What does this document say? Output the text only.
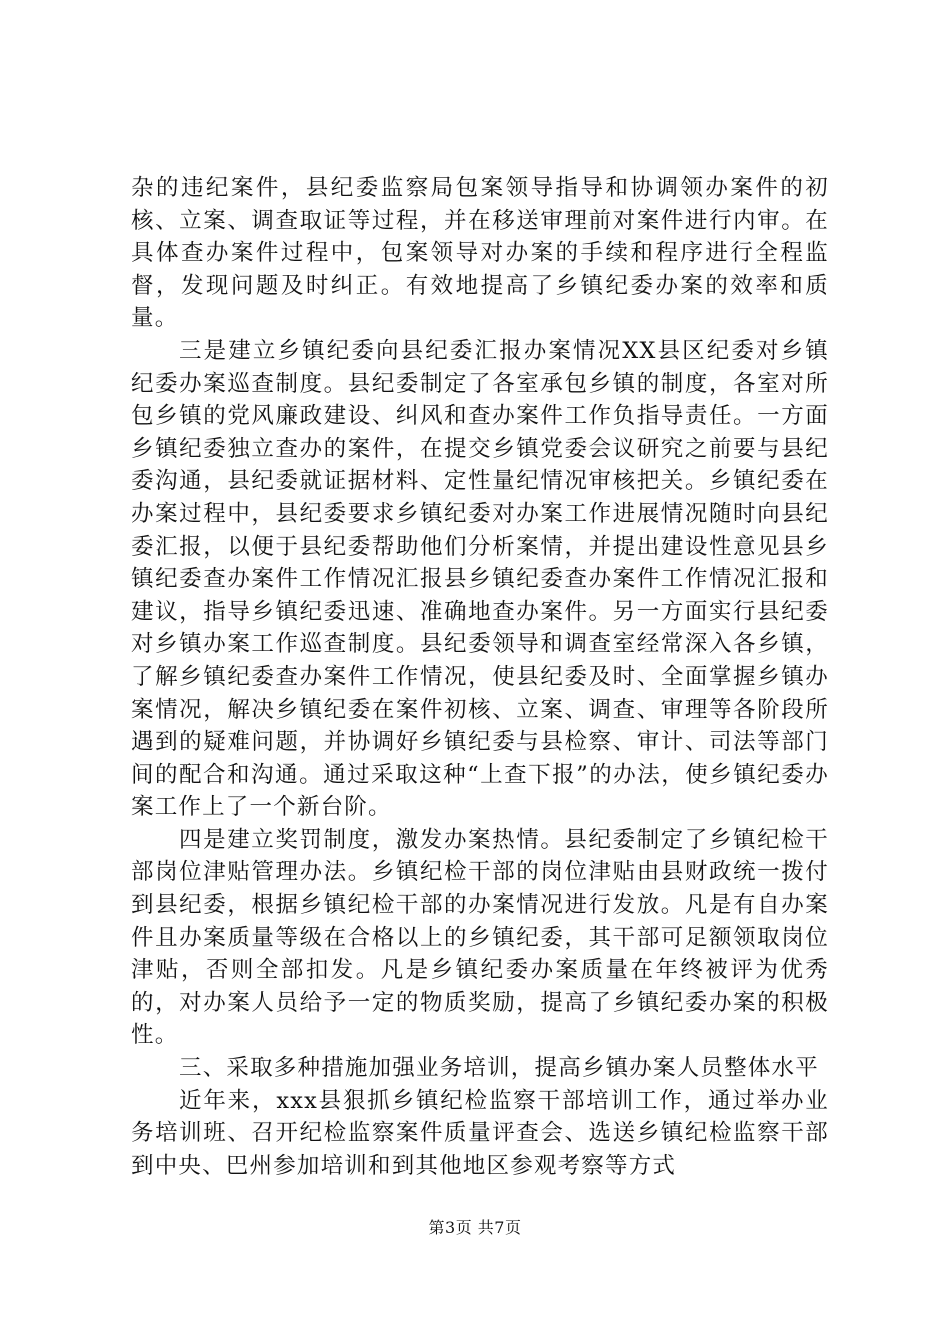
杂的违纪案件，县纪委监察局包案领导指导和协调领办案件的初核、立案、调查取证等过程，并在移送审理前对案件进行内审。在具体查办案件过程中，包案领导对办案的手续和程序进行全程监督，发现问题及时纠正。有效地提高了乡镇纪委办案的效率和质量。

三是建立乡镇纪委向县纪委汇报办案情况XX县区纪委对乡镇纪委办案巡查制度。县纪委制定了各室承包乡镇的制度，各室对所包乡镇的党风廉政建设、纠风和查办案件工作负指导责任。一方面乡镇纪委独立查办的案件，在提交乡镇党委会议研究之前要与县纪委沟通，县纪委就证据材料、定性量纪情况审核把关。乡镇纪委在办案过程中，县纪委要求乡镇纪委对办案工作进展情况随时向县纪委汇报，以便于县纪委帮助他们分析案情，并提出建设性意见县乡镇纪委查办案件工作情况汇报县乡镇纪委查办案件工作情况汇报和建议，指导乡镇纪委迅速、准确地查办案件。另一方面实行县纪委对乡镇办案工作巡查制度。县纪委领导和调查室经常深入各乡镇，了解乡镇纪委查办案件工作情况，使县纪委及时、全面掌握乡镇办案情况，解决乡镇纪委在案件初核、立案、调查、审理等各阶段所遇到的疑难问题，并协调好乡镇纪委与县检察、审计、司法等部门间的配合和沟通。通过采取这种“上查下报”的办法，使乡镇纪委办案工作上了一个新台阶。

四是建立奖罚制度，激发办案热情。县纪委制定了乡镇纪检干部岗位津贴管理办法。乡镇纪检干部的岗位津贴由县财政统一拨付到县纪委，根据乡镇纪检干部的办案情况进行发放。凡是有自办案件且办案质量等级在合格以上的乡镇纪委，其干部可足额领取岗位津贴，否则全部扣发。凡是乡镇纪委办案质量在年终被评为优秀的，对办案人员给予一定的物质奖励，提高了乡镇纪委办案的积极性。

三、采取多种措施加强业务培训，提高乡镇办案人员整体水平

近年来，xxx县狠抓乡镇纪检监察干部培训工作，通过举办业务培训班、召开纪检监察案件质量评查会、选送乡镇纪检监察干部到中央、巴州参加培训和到其他地区参观考察等方式

第3页 共7页
